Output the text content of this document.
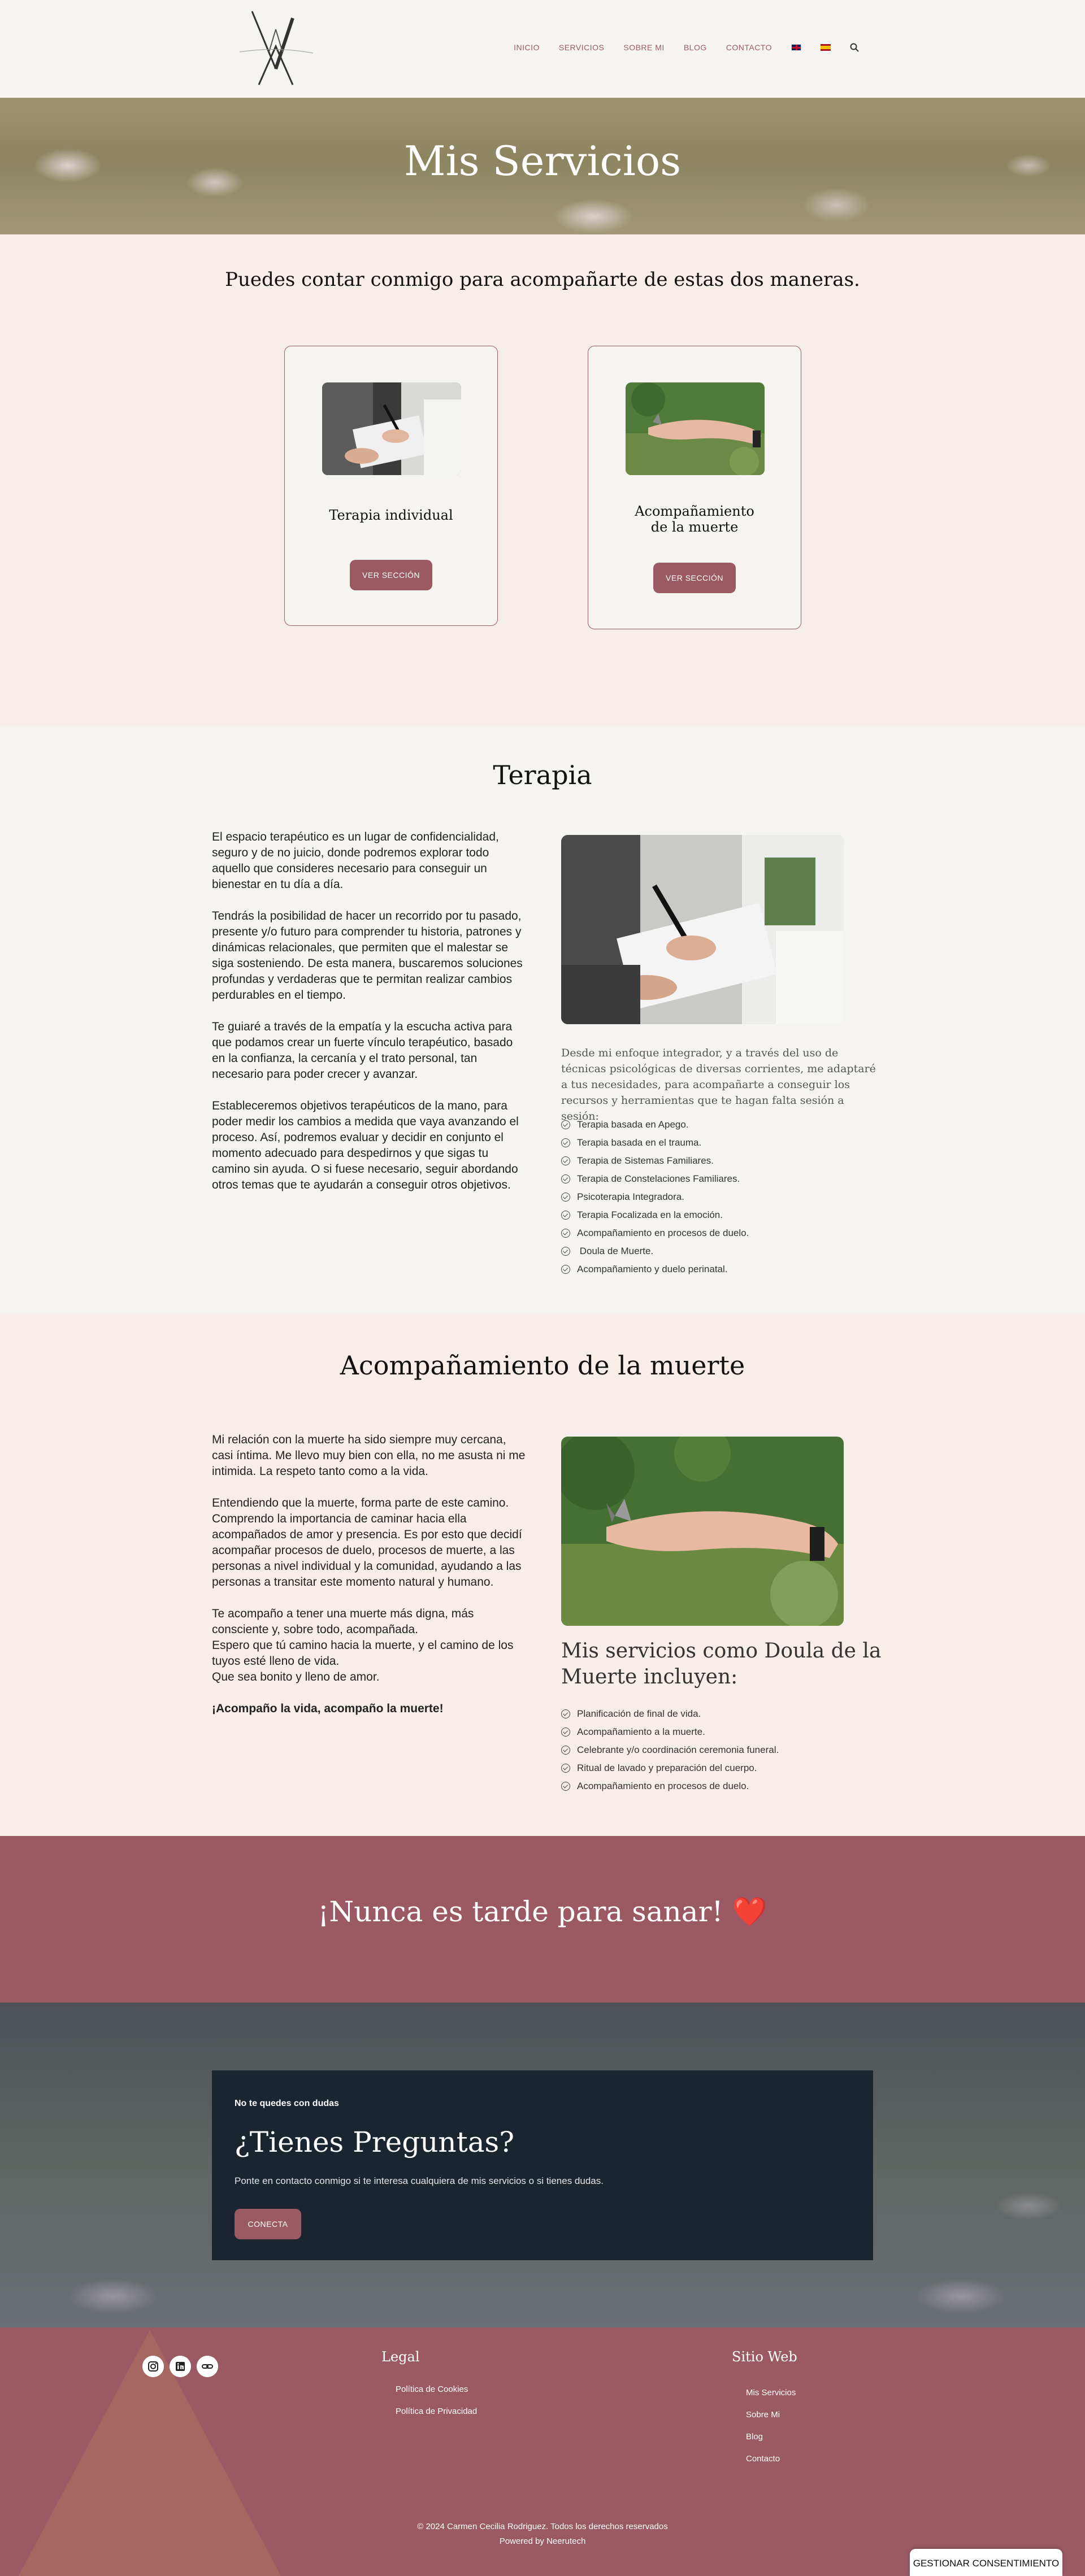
INICIO SERVICIOS SOBRE MI BLOG CONTACTO
Mis Servicios
Puedes contar conmigo para acompañarte de estas dos maneras.
Terapia individual
VER SECCIÓN
Acompañamiento de la muerte
VER SECCIÓN
Terapia

El espacio terapéutico es un lugar de confidencialidad, seguro y de no juicio, donde podremos explorar todo aquello que consideres necesario para conseguir un bienestar en tu día a día.

Tendrás la posibilidad de hacer un recorrido por tu pasado, presente y/o futuro para comprender tu historia, patrones y dinámicas relacionales, que permiten que el malestar se siga sosteniendo. De esta manera, buscaremos soluciones profundas y verdaderas que te permitan realizar cambios perdurables en el tiempo.

Te guiaré a través de la empatía y la escucha activa para que podamos crear un fuerte vínculo terapéutico, basado en la confianza, la cercanía y el trato personal, tan necesario para poder crecer y avanzar.

Estableceremos objetivos terapéuticos de la mano, para poder medir los cambios a medida que vaya avanzando el proceso. Así, podremos evaluar y decidir en conjunto el momento adecuado para despedirnos y que sigas tu camino sin ayuda. O si fuese necesario, seguir abordando otros temas que te ayudarán a conseguir otros objetivos.

Desde mi enfoque integrador, y a través del uso de técnicas psicológicas de diversas corrientes, me adaptaré a tus necesidades, para acompañarte a conseguir los recursos y herramientas que te hagan falta sesión a sesión:

Terapia basada en Apego.
Terapia basada en el trauma.
Terapia de Sistemas Familiares.
Terapia de Constelaciones Familiares.
Psicoterapia Integradora.
Terapia Focalizada en la emoción.
Acompañamiento en procesos de duelo.
Doula de Muerte.
Acompañamiento y duelo perinatal.
Acompañamiento de la muerte

Mi relación con la muerte ha sido siempre muy cercana, casi íntima. Me llevo muy bien con ella, no me asusta ni me intimida. La respeto tanto como a la vida.

Entendiendo que la muerte, forma parte de este camino. Comprendo la importancia de caminar hacia ella acompañados de amor y presencia. Es por esto que decidí acompañar procesos de duelo, procesos de muerte, a las personas a nivel individual y la comunidad, ayudando a las personas a transitar este momento natural y humano.

Te acompaño a tener una muerte más digna, más consciente y, sobre todo, acompañada.
Espero que tú camino hacia la muerte, y el camino de los tuyos esté lleno de vida.
Que sea bonito y lleno de amor.

¡Acompaño la vida, acompaño la muerte!

Mis servicios como Doula de la Muerte incluyen:
Planificación de final de vida.
Acompañamiento a la muerte.
Celebrante y/o coordinación ceremonia funeral.
Ritual de lavado y preparación del cuerpo.
Acompañamiento en procesos de duelo.
¡Nunca es tarde para sanar! ❤️
No te quedes con dudas
¿Tienes Preguntas?

Ponte en contacto conmigo si te interesa cualquiera de mis servicios o si tienes dudas.

CONECTA
Legal
Política de Cookies
Política de Privacidad
Sitio Web
Mis Servicios
Sobre Mi
Blog
Contacto
© 2024 Carmen Cecilia Rodriguez. Todos los derechos reservados
Powered by Neerutech
GESTIONAR CONSENTIMIENTO
